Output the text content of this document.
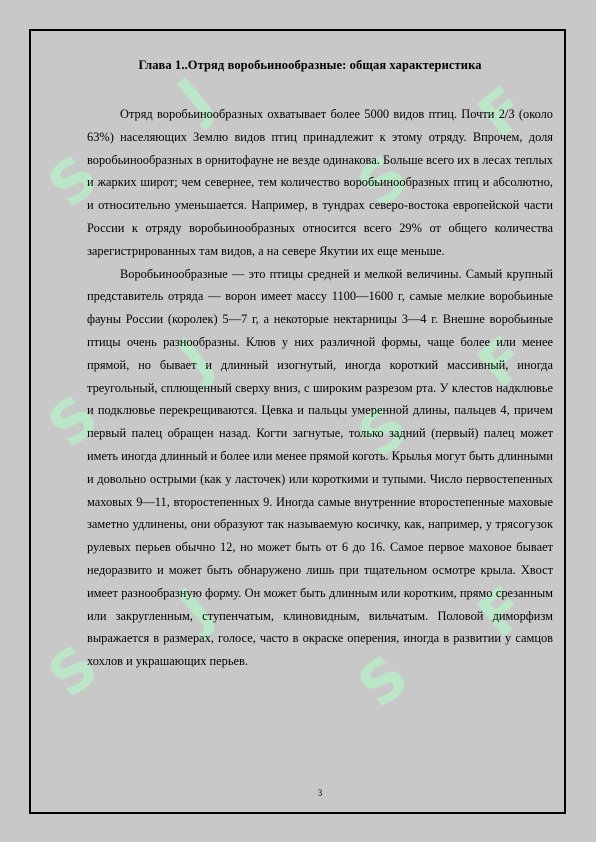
S
J
S
F
S
J
S
F
S
J
S
F
Глава 1..Отряд воробьинообразные: общая характеристика

Отряд воробьинообразных охватывает более 5000 видов птиц. Почти 2/3 (около 63%) населяющих Землю видов птиц принадлежит к этому отряду. Впрочем, доля воробьинообразных в орнитофауне не везде одинакова. Больше всего их в лесах теплых и жарких широт; чем севернее, тем количество воробьинообразных птиц и абсолютно, и относительно уменьшается. Например, в тундрах северо-востока европейской части России к отряду воробьинообразных относится всего 29% от общего количества зарегистрированных там видов, а на севере Якутии их еще меньше.

Воробьинообразные — это птицы средней и мелкой величины. Самый крупный представитель отряда — ворон имеет массу 1100—1600 г, самые мелкие воробьиные фауны России (королек) 5—7 г, а некоторые нектарницы 3—4 г. Внешне воробьиные птицы очень разнообразны. Клюв у них различной формы, чаще более или менее прямой, но бывает и длинный изогнутый, иногда короткий массивный, иногда треугольный, сплющенный сверху вниз, с широким разрезом рта. У клестов надклювье и подклювье перекрещиваются. Цевка и пальцы умеренной длины, пальцев 4, причем первый палец обращен назад. Когти загнутые, только задний (первый) палец может иметь иногда длинный и более или менее прямой коготь. Крылья могут быть длинными и довольно острыми (как у ласточек) или короткими и тупыми. Число первостепенных маховых 9—11, второстепенных 9. Иногда самые внутренние второстепенные маховые заметно удлинены, они образуют так называемую косичку, как, например, у трясогузок рулевых перьев обычно 12, но может быть от 6 до 16. Самое первое маховое бывает недоразвито и может быть обнаружено лишь при тщательном осмотре крыла. Хвост имеет разнообразную форму. Он может быть длинным или коротким, прямо срезанным или закругленным, ступенчатым, клиновидным, вильчатым. Половой диморфизм выражается в размерах, голосе, часто в окраске оперения, иногда в развитии у самцов хохлов и украшающих перьев.

3
